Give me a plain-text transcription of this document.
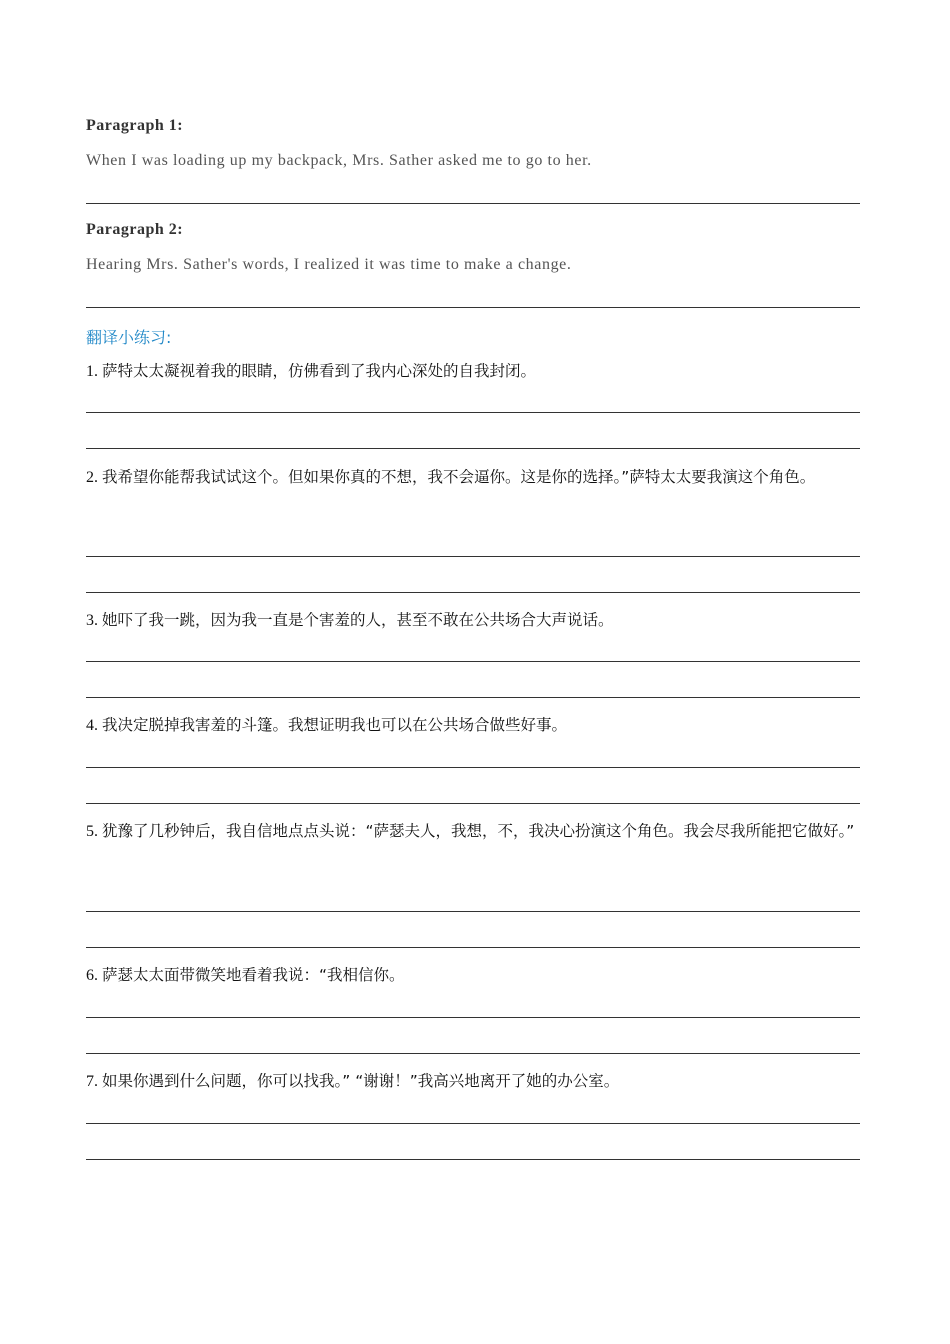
Paragraph 1:
When I was loading up my backpack, Mrs. Sather asked me to go to her.
Paragraph 2:
Hearing Mrs. Sather's words, I realized it was time to make a change.
翻译小练习:
1. 萨特太太凝视着我的眼睛，仿佛看到了我内心深处的自我封闭。
2. 我希望你能帮我试试这个。但如果你真的不想，我不会逼你。这是你的选择。”萨特太太要我演这个角色。
3. 她吓了我一跳，因为我一直是个害羞的人，甚至不敢在公共场合大声说话。
4. 我决定脱掉我害羞的斗篷。我想证明我也可以在公共场合做些好事。
5. 犹豫了几秒钟后，我自信地点点头说：“萨瑟夫人，我想，不，我决心扮演这个角色。我会尽我所能把它做好。”
6. 萨瑟太太面带微笑地看着我说：“我相信你。
7. 如果你遇到什么问题，你可以找我。” “谢谢！”我高兴地离开了她的办公室。
